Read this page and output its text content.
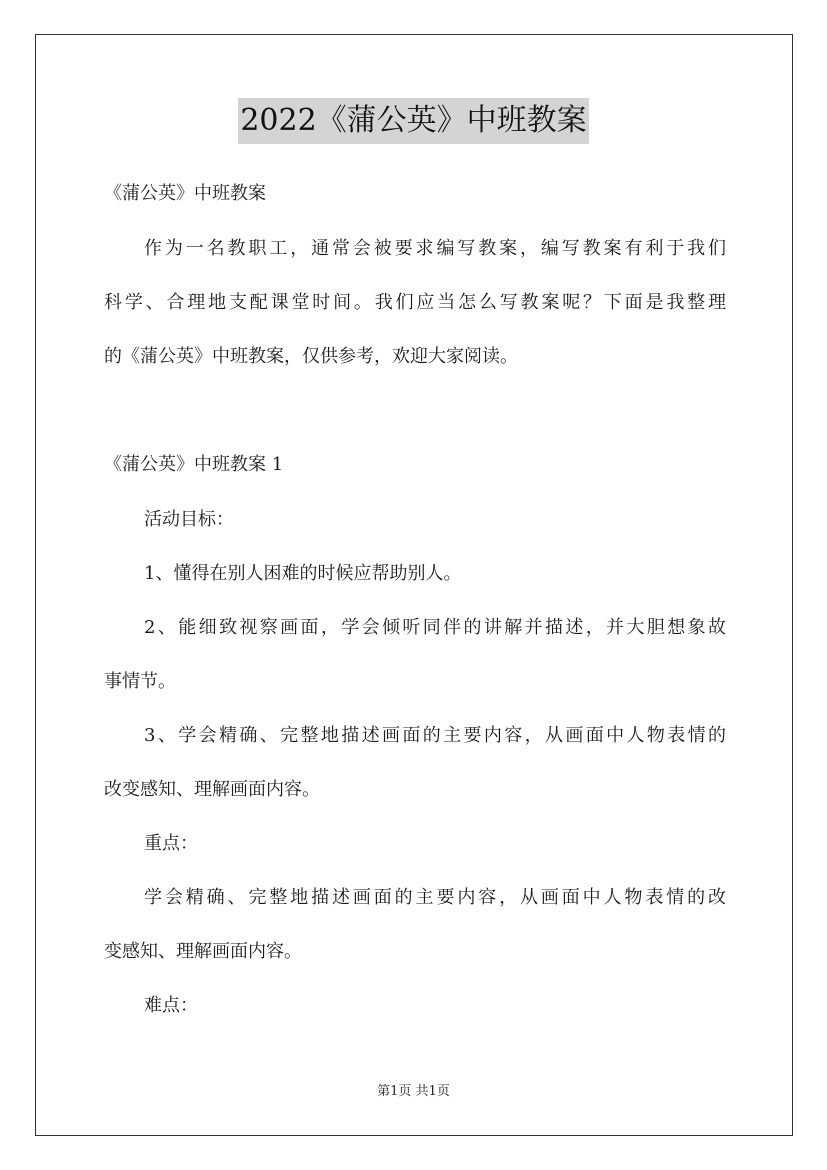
2022《蒲公英》中班教案
《蒲公英》中班教案
作为一名教职工，通常会被要求编写教案，编写教案有利于我们
科学、合理地支配课堂时间。我们应当怎么写教案呢？下面是我整理
的《蒲公英》中班教案，仅供参考，欢迎大家阅读。
《蒲公英》中班教案 1
活动目标：
1、懂得在别人困难的时候应帮助别人。
2、能细致视察画面，学会倾听同伴的讲解并描述，并大胆想象故
事情节。
3、学会精确、完整地描述画面的主要内容，从画面中人物表情的
改变感知、理解画面内容。
重点：
学会精确、完整地描述画面的主要内容，从画面中人物表情的改
变感知、理解画面内容。
难点：
第1页 共1页
